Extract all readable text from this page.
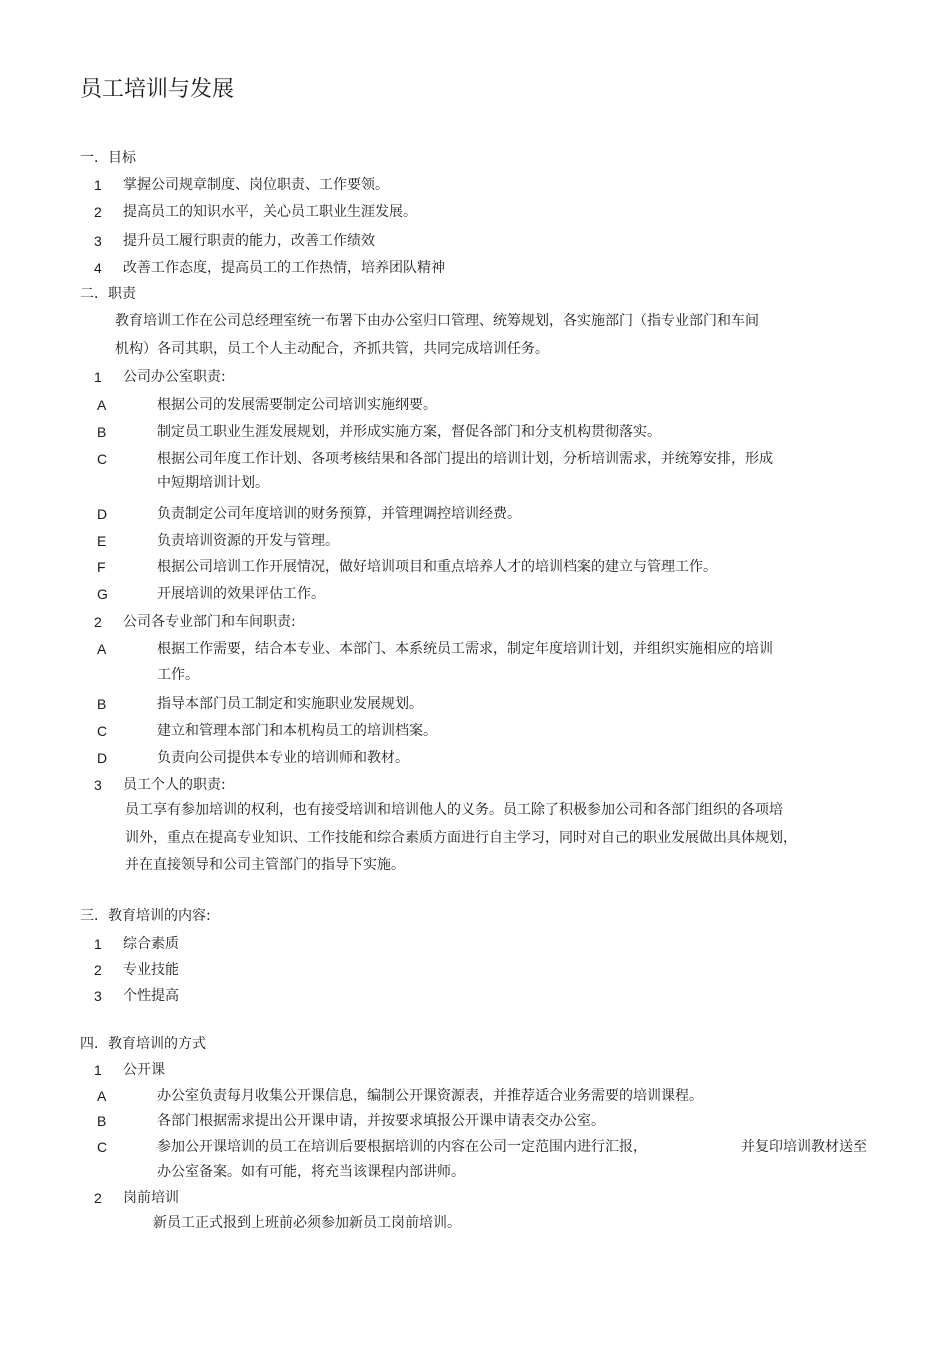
员工培训与发展
一．目标
1 掌握公司规章制度、岗位职责、工作要领。
2 提高员工的知识水平，关心员工职业生涯发展。
3 提升员工履行职责的能力，改善工作绩效
4 改善工作态度，提高员工的工作热情，培养团队精神
二．职责
教育培训工作在公司总经理室统一布署下由办公室归口管理、统筹规划，各实施部门（指专业部门和车间
机构）各司其职，员工个人主动配合，齐抓共管，共同完成培训任务。
1 公司办公室职责:
A	根据公司的发展需要制定公司培训实施纲要。
B	制定员工职业生涯发展规划，并形成实施方案，督促各部门和分支机构贯彻落实。
C	根据公司年度工作计划、各项考核结果和各部门提出的培训计划，分析培训需求，并统筹安排，形成
中短期培训计划。
D	负责制定公司年度培训的财务预算，并管理调控培训经费。
E	负责培训资源的开发与管理。
F	根据公司培训工作开展情况，做好培训项目和重点培养人才的培训档案的建立与管理工作。
G	开展培训的效果评估工作。
2 公司各专业部门和车间职责:
A	根据工作需要，结合本专业、本部门、本系统员工需求，制定年度培训计划，并组织实施相应的培训
工作。
B	指导本部门员工制定和实施职业发展规划。
C	建立和管理本部门和本机构员工的培训档案。
D	负责向公司提供本专业的培训师和教材。
3 员工个人的职责:
员工享有参加培训的权利，也有接受培训和培训他人的义务。员工除了积极参加公司和各部门组织的各项培
训外，重点在提高专业知识、工作技能和综合素质方面进行自主学习，同时对自己的职业发展做出具体规划，
并在直接领导和公司主管部门的指导下实施。
三．教育培训的内容:
1 综合素质
2 专业技能
3 个性提高
四．教育培训的方式
1 公开课
A	办公室负责每月收集公开课信息，编制公开课资源表，并推荐适合业务需要的培训课程。
B	各部门根据需求提出公开课申请，并按要求填报公开课申请表交办公室。
C	参加公开课培训的员工在培训后要根据培训的内容在公司一定范围内进行汇报，	并复印培训教材送至
办公室备案。如有可能，将充当该课程内部讲师。
2 岗前培训
新员工正式报到上班前必须参加新员工岗前培训。
